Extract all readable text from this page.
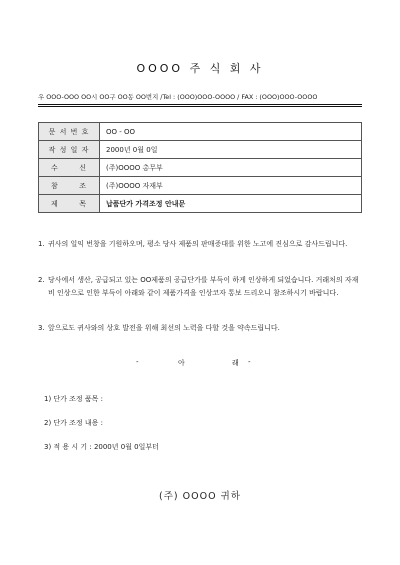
OOOO 주 식 회 사
우 OOO-OOO OO시 OO구 OO동 OO번지 /Tel : (OOO)OOO-OOOO / FAX : (OOO)OOO-OOOO
문 서 번 호	OO - OO
작 성 일 자	2000년 0월 0일

수 신	(주)OOOO 총무부

참 조	(주)OOOO 자재부

제 목	납품단가 가격조정 안내문
1. 귀사의 일익 번창을 기원하오며, 평소 당사 제품의 판매증대를 위한 노고에 진심으로 감사드립니다.
2. 당사에서 생산, 공급되고 있는 OO제품의 공급단가를 부득이 하게 인상하게 되었습니다. 거래처의 자재비 인상으로 인한 부득이 아래와 같이 제품가격을 인상코자 통보 드리오니 참조하시기 바랍니다.
3. 앞으로도 귀사와의 상호 발전을 위해 최선의 노력을 다할 것을 약속드립니다.
-	아	래 -
1) 단가 조정 품목 :
2) 단가 조정 내용 :
3) 적 용 시 기 : 2000년 0월 0일부터
(주) OOOO 귀하
